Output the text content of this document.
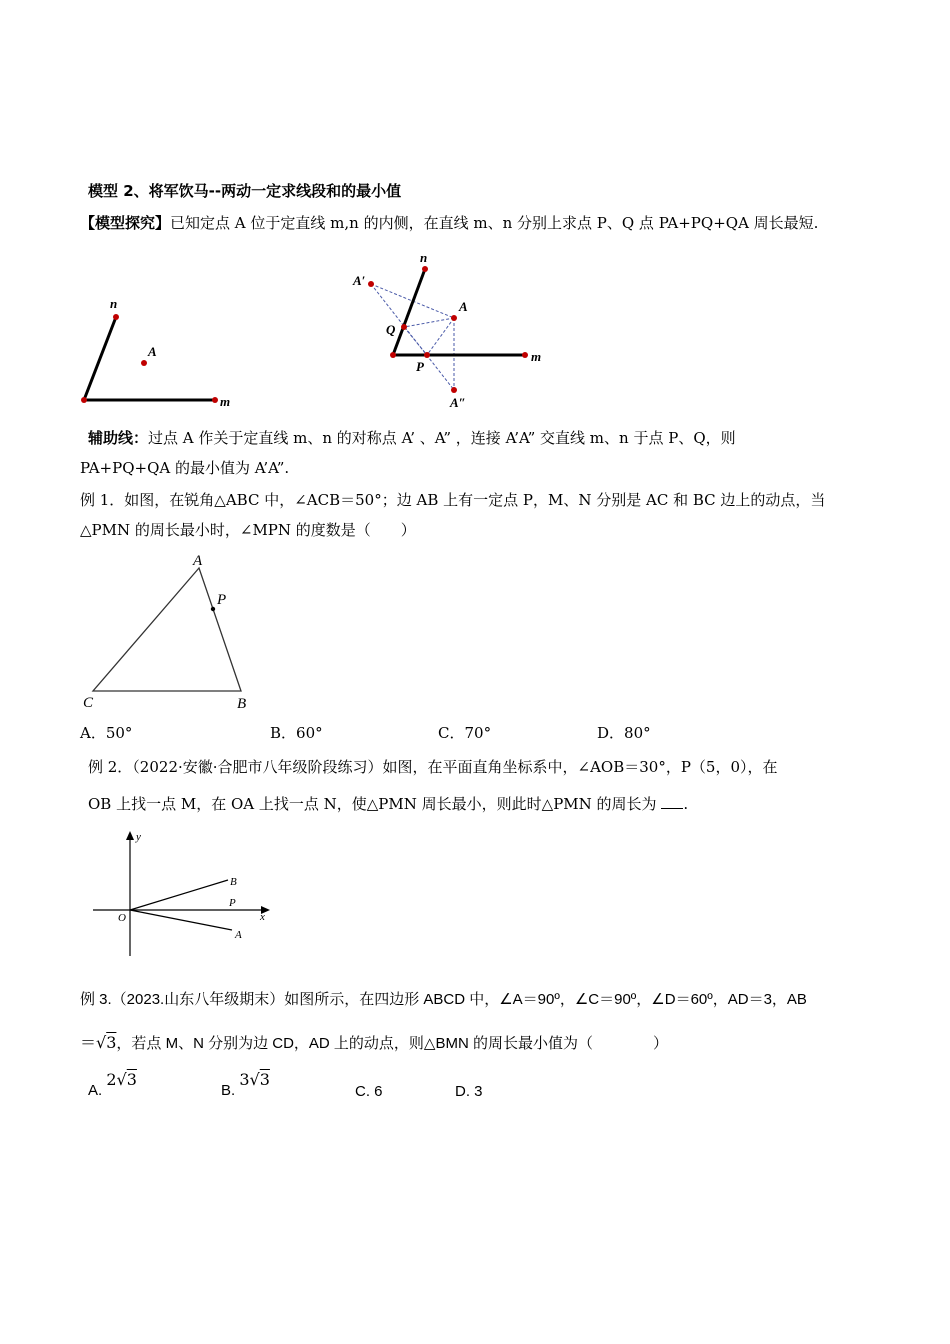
模型 2、将军饮马--两动一定求线段和的最小值
【模型探究】已知定点 A 位于定直线 m,n 的内侧，在直线 m、n 分别上求点 P、Q 点 PA+PQ+QA 周长最短.
n
A
m
n
A′
A
Q
P
m
A″
辅助线：过点 A 作关于定直线 m、n 的对称点 A’ 、A” ，连接 A’A” 交直线 m、n 于点 P、Q，则
PA+PQ+QA 的最小值为 A’A”.
例 1．如图，在锐角△ABC 中，∠ACB＝50°；边 AB 上有一定点 P，M、N 分别是 AC 和 BC 边上的动点，当
△PMN 的周长最小时，∠MPN 的度数是（　　）
A
P
C	B
A．50°	B．60°	C．70°	D．80°
例 2．（2022·安徽·合肥市八年级阶段练习）如图，在平面直角坐标系中，∠AOB＝30°，P（5，0），在
OB 上找一点 M，在 OA 上找一点 N，使△PMN 周长最小，则此时△PMN 的周长为 .
y
x
O
B
P
A
例 3.（2023.山东八年级期末）如图所示，在四边形 ABCD 中，∠A＝90º，∠C＝90º，∠D＝60º，AD＝3，AB
＝√3，若点 M、N 分别为边 CD，AD 上的动点，则△BMN 的周长最小值为（　　　　）
A. 2√3
B. 3√3
C. 6	D. 3
